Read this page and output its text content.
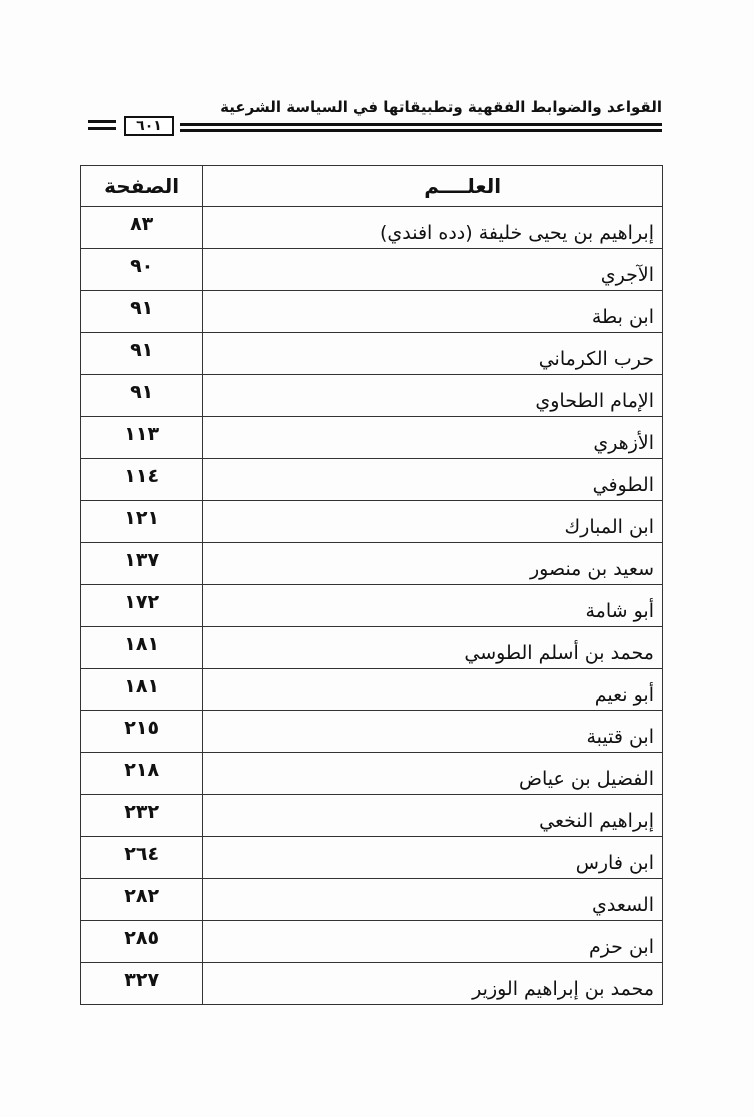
٦٠١
القواعد والضوابط الفقهية وتطبيقاتها في السياسة الشرعية
العلــــم	الصفحة
إبراهيم بن يحيى خليفة (دده افندي)	٨٣
الآجري	٩٠
ابن بطة	٩١
حرب الكرماني	٩١
الإمام الطحاوي	٩١
الأزهري	١١٣
الطوفي	١١٤
ابن المبارك	١٢١
سعيد بن منصور	١٣٧
أبو شامة	١٧٢
محمد بن أسلم الطوسي	١٨١
أبو نعيم	١٨١
ابن قتيبة	٢١٥
الفضيل بن عياض	٢١٨
إبراهيم النخعي	٢٣٢
ابن فارس	٢٦٤
السعدي	٢٨٢
ابن حزم	٢٨٥
محمد بن إبراهيم الوزير	٣٢٧
